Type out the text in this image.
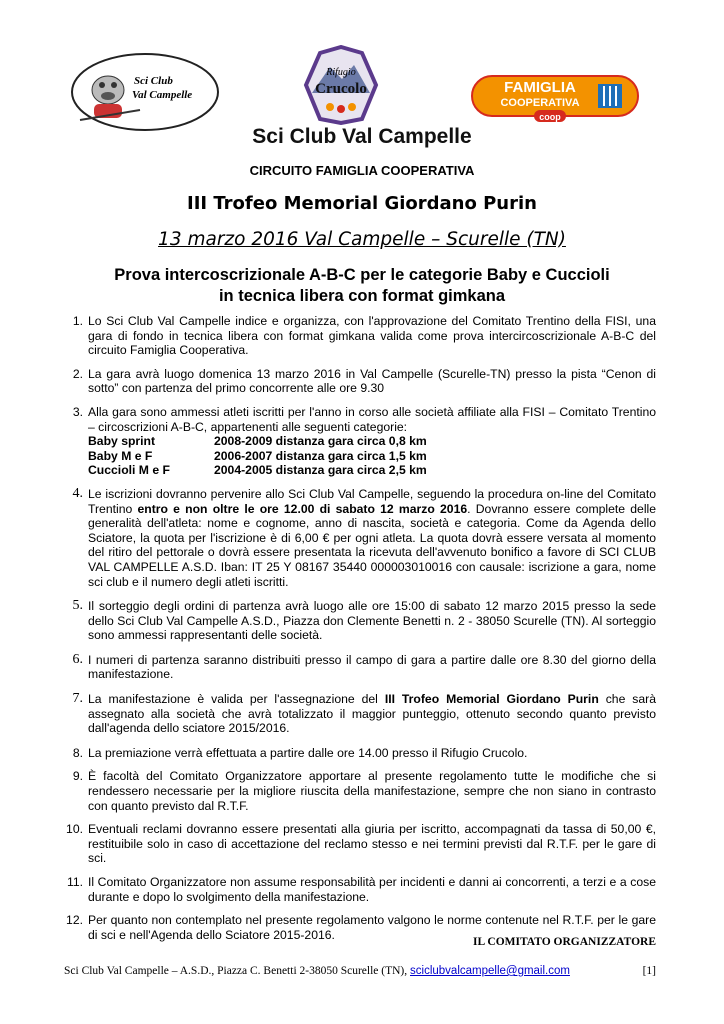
Sci Club
Val Campelle
Rifugio
Crucolo	FAMIGLIA
COOPERATIVA
coop
Sci Club Val Campelle
CIRCUITO FAMIGLIA COOPERATIVA
III Trofeo Memorial Giordano Purin
13 marzo 2016 Val Campelle – Scurelle (TN)
Prova intercoscrizionale A-B-C per le categorie Baby e Cuccioli
in tecnica libera con format gimkana
1. Lo Sci Club Val Campelle indice e organizza, con l'approvazione del Comitato Trentino della FISI, una gara di fondo in tecnica libera con format gimkana valida come prova intercircoscrizionale A-B-C del circuito Famiglia Cooperativa.
2. La gara avrà luogo domenica 13 marzo 2016 in Val Campelle (Scurelle-TN) presso la pista “Cenon di sotto” con partenza del primo concorrente alle ore 9.30
3. Alla gara sono ammessi atleti iscritti per l'anno in corso alle società affiliate alla FISI – Comitato Trentino – circoscrizioni A-B-C, appartenenti alle seguenti categorie:
Baby sprint	2008-2009 distanza gara circa 0,8 km
Baby M e F	2006-2007 distanza gara circa 1,5 km
Cuccioli M e F	2004-2005 distanza gara circa 2,5 km
4. Le iscrizioni dovranno pervenire allo Sci Club Val Campelle, seguendo la procedura on-line del Comitato Trentino entro e non oltre le ore 12.00 di sabato 12 marzo 2016. Dovranno essere complete delle generalità dell'atleta: nome e cognome, anno di nascita, società e categoria. Come da Agenda dello Sciatore, la quota per l'iscrizione è di 6,00 € per ogni atleta. La quota dovrà essere versata al momento del ritiro del pettorale o dovrà essere presentata la ricevuta dell'avvenuto bonifico a favore di SCI CLUB VAL CAMPELLE A.S.D. Iban: IT 25 Y 08167 35440 000003010016 con causale: iscrizione a gara, nome sci club e il numero degli atleti iscritti.
5. Il sorteggio degli ordini di partenza avrà luogo alle ore 15:00 di sabato 12 marzo 2015 presso la sede dello Sci Club Val Campelle A.S.D., Piazza don Clemente Benetti n. 2 - 38050 Scurelle (TN). Al sorteggio sono ammessi rappresentanti delle società.
6. I numeri di partenza saranno distribuiti presso il campo di gara a partire dalle ore 8.30 del giorno della manifestazione.
7. La manifestazione è valida per l'assegnazione del III Trofeo Memorial Giordano Purin che sarà assegnato alla società che avrà totalizzato il maggior punteggio, ottenuto secondo quanto previsto dall'agenda dello sciatore 2015/2016.
8. La premiazione verrà effettuata a partire dalle ore 14.00 presso il Rifugio Crucolo.
9. È facoltà del Comitato Organizzatore apportare al presente regolamento tutte le modifiche che si rendessero necessarie per la migliore riuscita della manifestazione, sempre che non siano in contrasto con quanto previsto dal R.T.F.
10. Eventuali reclami dovranno essere presentati alla giuria per iscritto, accompagnati da tassa di 50,00 €, restituibile solo in caso di accettazione del reclamo stesso e nei termini previsti dal R.T.F. per le gare di sci.
11. Il Comitato Organizzatore non assume responsabilità per incidenti e danni ai concorrenti, a terzi e a cose durante e dopo lo svolgimento della manifestazione.
12. Per quanto non contemplato nel presente regolamento valgono le norme contenute nel R.T.F. per le gare di sci e nell'Agenda dello Sciatore 2015-2016.
IL COMITATO ORGANIZZATORE
Sci Club Val Campelle – A.S.D., Piazza C. Benetti 2-38050 Scurelle (TN), sciclubvalcampelle@gmail.com	[1]
